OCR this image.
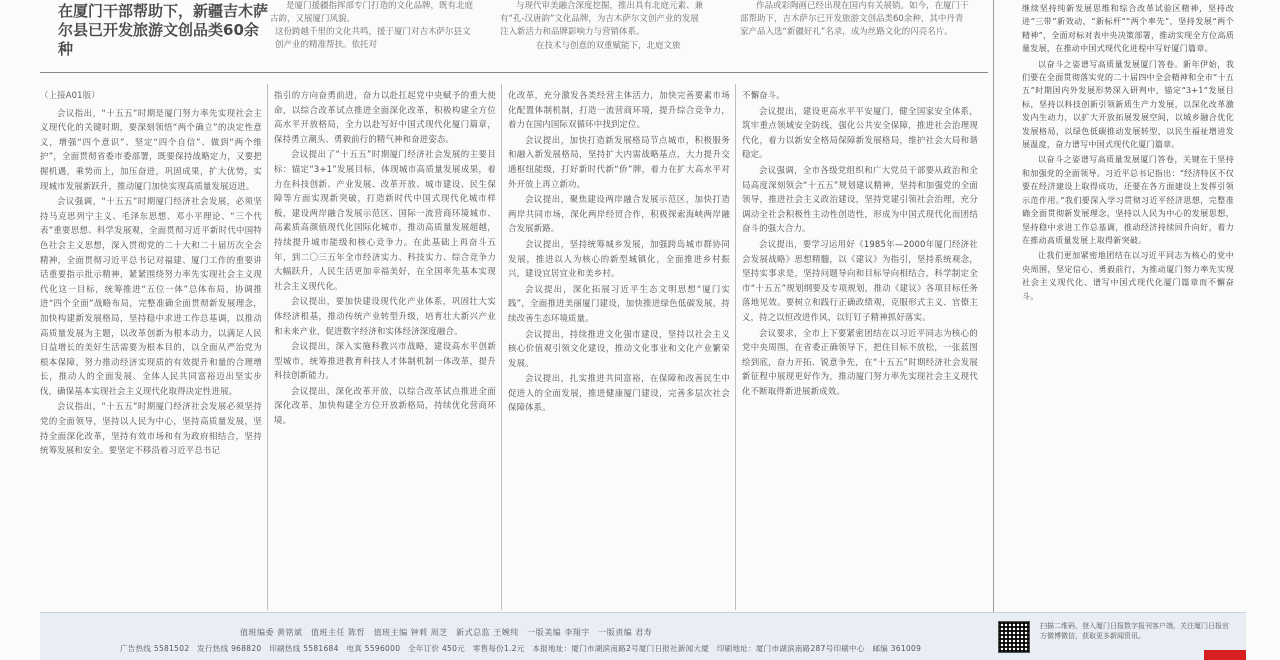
在厦门干部帮助下，新疆吉木萨尔县已开发旅游文创品类60余种
是厦门援疆指挥部专门打造的文化品牌，既有北庭古韵，又展厦门风貌。
这份跨越千里的文化共鸣，援于厦门对吉木萨尔县文创产业的精准帮扶。依托对
与现代审美融合深度挖掘，推出具有北庭元素、兼有“孔-汉唐韵”文化品牌，为吉木萨尔文创产业的发展注入新活力和品牌影响力与营销体系。
在技术与创意的双重赋能下，北庭文旅
作品或彩陶画已经出现在国内有关展销。如今，在厦门干部帮助下，吉木萨尔已开发旅游文创品类60余种，其中丹青家产品入选“新疆好礼”名录，成为丝路文化的闪亮名片。

（上接A01版）

会议指出，“十五五”时期是厦门努力率先实现社会主义现代化的关键时期，要深刻领悟“两个确立”的决定性意义，增强“四个意识”、坚定“四个自信”、做到“两个维护”，全面贯彻省委市委部署，既要保持战略定力，又要把握机遇，乘势而上，加压奋进，巩固成果，扩大优势，实现城市发展新跃升，推动厦门加快实现高质量发展迈进。

会议强调，“十五五”时期厦门经济社会发展，必须坚持马克思列宁主义、毛泽东思想、邓小平理论、“三个代表”重要思想、科学发展观，全面贯彻习近平新时代中国特色社会主义思想，深入贯彻党的二十大和二十届历次全会精神，全面贯彻习近平总书记对福建、厦门工作的重要讲话重要指示批示精神，紧紧围绕努力率先实现社会主义现代化这一目标，统筹推进“五位一体”总体布局，协调推进“四个全面”战略布局，完整准确全面贯彻新发展理念，加快构建新发展格局，坚持稳中求进工作总基调，以推动高质量发展为主题，以改革创新为根本动力，以满足人民日益增长的美好生活需要为根本目的，以全面从严治党为根本保障，努力推动经济实现质的有效提升和量的合理增长，推动人的全面发展、全体人民共同富裕迈出坚实步伐，确保基本实现社会主义现代化取得决定性进展。

会议指出，“十五五”时期厦门经济社会发展必须坚持党的全面领导，坚持以人民为中心，坚持高质量发展，坚持全面深化改革，坚持有效市场和有为政府相结合，坚持统筹发展和安全。要坚定不移沿着习近平总书记

指引的方向奋勇前进，奋力以赴扛起党中央赋予的重大使命，以综合改革试点推进全面深化改革，积极构建全方位高水平开放格局，全力以赴写好中国式现代化厦门篇章，保持勇立潮头、勇毅前行的精气神和奋进姿态。

会议提出了“十五五”时期厦门经济社会发展的主要目标：锚定“3+1”发展目标，体现城市高质量发展成果，着力在科技创新、产业发展、改革开放、城市建设、民生保障等方面实现新突破，打造新时代中国式现代化城市样板，建设两岸融合发展示范区、国际一流营商环境城市、高素质高颜值现代化国际化城市，推动高质量发展超越，持续提升城市能级和核心竞争力。在此基础上再奋斗五年，到二〇三五年全市经济实力、科技实力、综合竞争力大幅跃升，人民生活更加幸福美好，在全国率先基本实现社会主义现代化。

会议提出，要加快建设现代化产业体系，巩固壮大实体经济根基，推动传统产业转型升级，培育壮大新兴产业和未来产业，促进数字经济和实体经济深度融合。

会议提出，深入实施科教兴市战略，建设高水平创新型城市，统筹推进教育科技人才体制机制一体改革，提升科技创新能力。

会议提出，深化改革开放，以综合改革试点推进全面深化改革，加快构建全方位开放新格局，持续优化营商环境。

化改革，充分激发各类经营主体活力，加快完善要素市场化配置体制机制，打造一流营商环境，提升综合竞争力，着力在国内国际双循环中找到定位。

会议提出，加快打造新发展格局节点城市，积极服务和融入新发展格局，坚持扩大内需战略基点，大力提升交通枢纽能级，打好新时代新“侨”牌，着力在扩大高水平对外开放上再立新功。

会议提出，聚焦建设两岸融合发展示范区，加快打造两岸共同市场，深化两岸经贸合作，积极探索海峡两岸融合发展新路。

会议提出，坚持统筹城乡发展，加强跨岛城市群协同发展，推进以人为核心的新型城镇化，全面推进乡村振兴，建设宜居宜业和美乡村。

会议提出，深化拓展习近平生态文明思想“厦门实践”，全面推进美丽厦门建设，加快推进绿色低碳发展，持续改善生态环境质量。

会议提出，持续推进文化强市建设，坚持以社会主义核心价值观引领文化建设，推动文化事业和文化产业繁荣发展。

会议提出，扎实推进共同富裕，在保障和改善民生中促进人的全面发展，推进健康厦门建设，完善多层次社会保障体系。

不懈奋斗。

会议提出，建设更高水平平安厦门，健全国家安全体系，筑牢重点领域安全防线，强化公共安全保障，推进社会治理现代化，着力以新安全格局保障新发展格局，维护社会大局和谐稳定。

会议强调，全市各级党组织和广大党员干部要从政治和全局高度深刻领会“十五五”规划建议精神，坚持和加强党的全面领导，推进社会主义政治建设，坚持党建引领社会治理，充分调动全社会积极性主动性创造性，形成为中国式现代化而团结奋斗的强大合力。

会议提出，要学习运用好《1985年—2000年厦门经济社会发展战略》思想精髓，以《建议》为指引，坚持系统观念，坚持实事求是，坚持问题导向和目标导向相结合，科学制定全市“十五五”规划纲要及专项规划，推动《建议》各项目标任务落地见效。要树立和践行正确政绩观，克服形式主义、官僚主义，持之以恒改进作风，以钉钉子精神抓好落实。

会议要求，全市上下要紧密团结在以习近平同志为核心的党中央周围，在省委正确领导下，把住目标不放松，一张蓝图绘到底，奋力开拓、锐意争先，在“十五五”时期经济社会发展新征程中展现更好作为，推动厦门努力率先实现社会主义现代化不断取得新进展新成效。

继续坚持纯新发展思维和综合改革试验区精神，坚持改进“三带”新效动，“新标杆”“两个率先”，坚持发展“两个精神”，全面对标对表中央决策部署，推动实现全方位高质量发展，在推动中国式现代化进程中写好厦门篇章。

以奋斗之姿谱写高质量发展厦门答卷。新年伊始，我们要在全面贯彻落实党的二十届四中全会精神和全市“十五五”时期国内外发展形势深入研判中，锚定“3+1”发展目标，坚持以科技创新引领新质生产力发展，以深化改革激发内生动力，以扩大开放拓展发展空间，以城乡融合优化发展格局，以绿色低碳推动发展转型，以民生福祉增进发展温度，奋力谱写中国式现代化厦门篇章。

以奋斗之姿谱写高质量发展厦门答卷，关键在于坚持和加强党的全面领导。习近平总书记指出：“经济特区不仅要在经济建设上取得成功，还要在各方面建设上发挥引领示范作用。”我们要深入学习贯彻习近平经济思想，完整准确全面贯彻新发展理念，坚持以人民为中心的发展思想，坚持稳中求进工作总基调，推动经济持续回升向好，着力在推动高质量发展上取得新突破。

让我们更加紧密地团结在以习近平同志为核心的党中央周围，坚定信心、勇毅前行，为推动厦门努力率先实现社会主义现代化、谱写中国式现代化厦门篇章而不懈奋斗。

值班编委 黄铭斌　值班主任 陈哲　值班主编 钟莉 周芝　新式总监 王婉纯　一版美编 李翔宇　一版责编 君寿
广告热线 5581502　发行热线 968820　印刷热线 5581684　电真 5596000　全年订价 450元　零售每份1.2元　本报地址：厦门市湖滨南路2号厦门日报社新闻大厦　印刷地址：厦门市湖滨南路287号印刷中心　邮编 361009
扫描二维码，登入厦门日报数字报刊客户端，关注厦门日报官方微博微信，获取更多新闻资讯。
